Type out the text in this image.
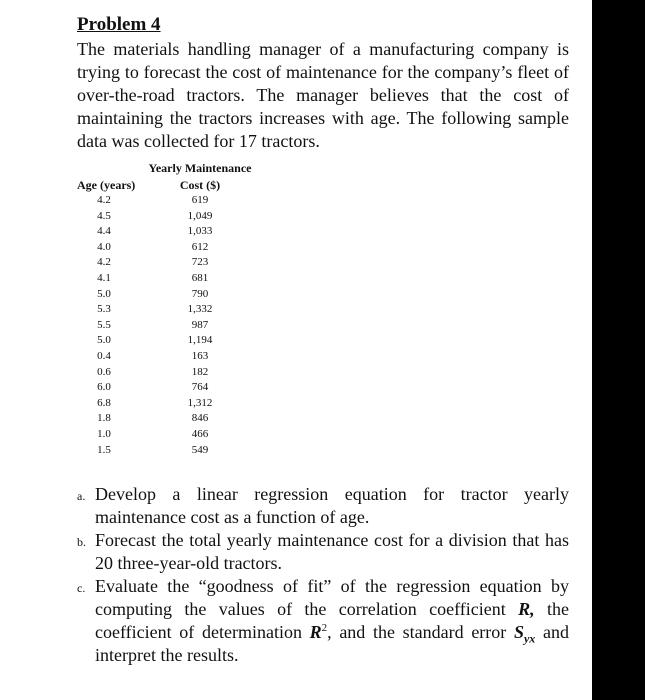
Problem 4

The materials handling manager of a manufacturing company is trying to forecast the cost of maintenance for the company’s fleet of over-the-road tractors. The manager believes that the cost of maintaining the tractors increases with age. The following sample data was collected for 17 tractors.

Yearly Maintenance
Age (years)	Cost ($)
4.2	619
4.5	1,049
4.4	1,033
4.0	612
4.2	723
4.1	681
5.0	790
5.3	1,332
5.5	987
5.0	1,194
0.4	163
0.6	182
6.0	764
6.8	1,312
1.8	846
1.0	466
1.5	549
a. Develop a linear regression equation for tractor yearly maintenance cost as a function of age.
b. Forecast the total yearly maintenance cost for a division that has 20 three-year-old tractors.
c. Evaluate the “goodness of fit” of the regression equation by computing the values of the correlation coefficient R, the coefficient of determination $R^2$, and the standard error $S_{yx}$ and interpret the results.
